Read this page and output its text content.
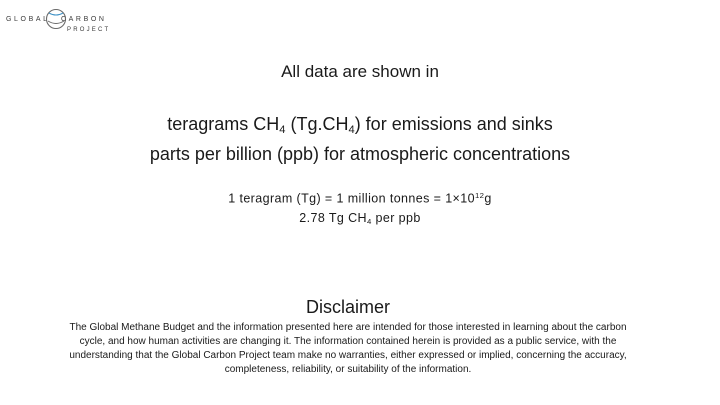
GLOBAL CARBON
PROJECT
All data are shown in
teragrams $CH_4$ $(Tg.CH_4)$ for emissions and sinks
parts per billion (ppb) for atmospheric concentrations
1 teragram (Tg) = 1 million tonnes = $1\times 10^{12}g$
2.78 Tg $CH_4$ per ppb
Disclaimer
The Global Methane Budget and the information presented here are intended for those interested in learning about the carbon cycle, and how human activities are changing it. The information contained herein is provided as a public service, with the understanding that the Global Carbon Project team make no warranties, either expressed or implied, concerning the accuracy, completeness, reliability, or suitability of the information.
